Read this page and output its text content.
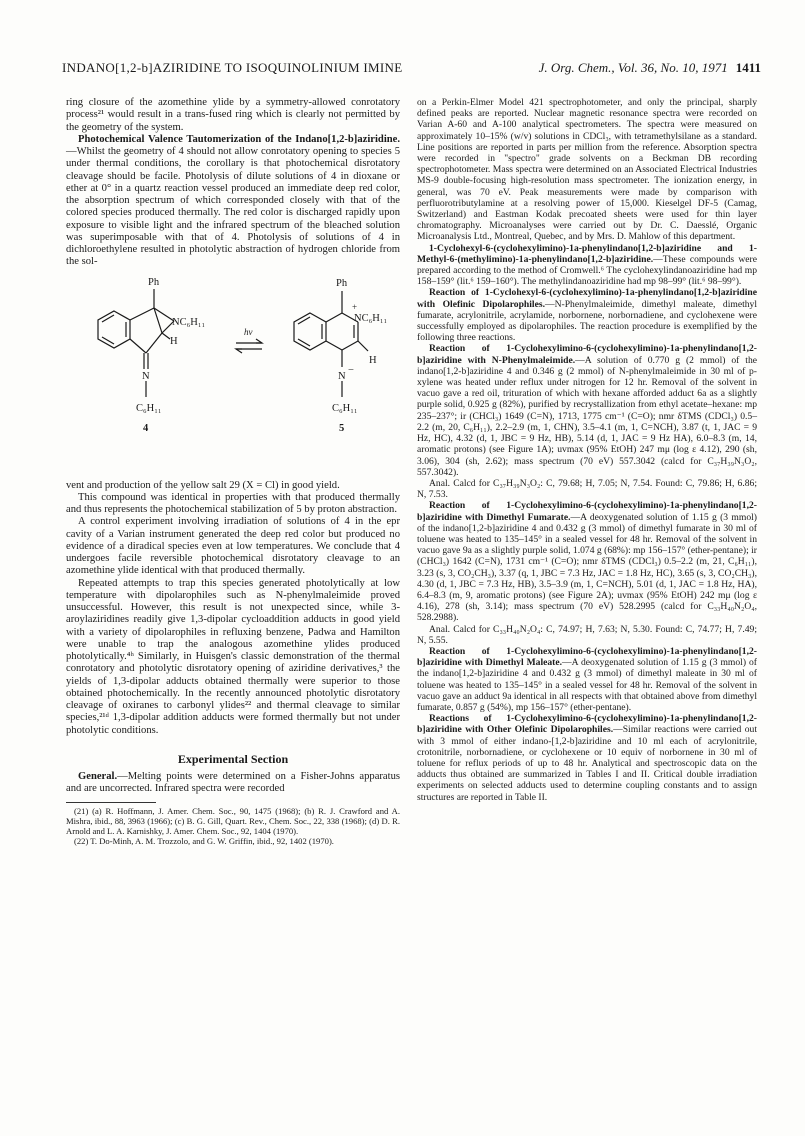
INDANO[1,2-b]AZIRIDINE TO ISOQUINOLINIUM IMINE	J. Org. Chem., Vol. 36, No. 10, 1971 1411

ring closure of the azomethine ylide by a symmetry-allowed conrotatory process²¹ would result in a trans-fused ring which is clearly not permitted by the geometry of the system.

Photochemical Valence Tautomerization of the Indano[1,2-b]aziridine.—Whilst the geometry of 4 should not allow conrotatory opening to species 5 under thermal conditions, the corollary is that photochemical disrotatory cleavage should be facile. Photolysis of dilute solutions of 4 in dioxane or ether at 0° in a quartz reaction vessel produced an immediate deep red color, the absorption spectrum of which corresponded closely with that of the colored species produced thermally. The red color is discharged rapidly upon exposure to visible light and the infrared spectrum of the bleached solution was superimposable with that of 4. Photolysis of solutions of 4 in dichloroethylene resulted in photolytic abstraction of hydrogen chloride from the sol-

Ph
NC₆H₁₁
H
N
C₆H₁₁
4
hν
Ph
NC₆H₁₁
+
H
N
−
C₆H₁₁
5

vent and production of the yellow salt 29 (X = Cl) in good yield.

This compound was identical in properties with that produced thermally and thus represents the photochemical stabilization of 5 by proton abstraction.

A control experiment involving irradiation of solutions of 4 in the epr cavity of a Varian instrument generated the deep red color but produced no evidence of a diradical species even at low temperatures. We conclude that 4 undergoes facile reversible photochemical disrotatory cleavage to an azomethine ylide identical with that produced thermally.

Repeated attempts to trap this species generated photolytically at low temperature with dipolarophiles such as N-phenylmaleimide proved unsuccessful. However, this result is not unexpected since, while 3-aroylaziridines readily give 1,3-dipolar cycloaddition adducts in good yield with a variety of dipolarophiles in refluxing benzene, Padwa and Hamilton were unable to trap the analogous azomethine ylides produced photolytically.⁴ʰ Similarly, in Huisgen's classic demonstration of the thermal conrotatory and photolytic disrotatory opening of aziridine derivatives,³ the yields of 1,3-dipolar adducts obtained thermally were superior to those obtained photochemically. In the recently announced photolytic disrotatory cleavage of oxiranes to carbonyl ylides²² and thermal cleavage to similar species,²¹ᵈ 1,3-dipolar addition adducts were formed thermally but not under photolytic conditions.

Experimental Section

General.—Melting points were determined on a Fisher-Johns apparatus and are uncorrected. Infrared spectra were recorded

(21) (a) R. Hoffmann, J. Amer. Chem. Soc., 90, 1475 (1968); (b) R. J. Crawford and A. Mishra, ibid., 88, 3963 (1966); (c) B. G. Gill, Quart. Rev., Chem. Soc., 22, 338 (1968); (d) D. R. Arnold and L. A. Karnishky, J. Amer. Chem. Soc., 92, 1404 (1970).

(22) T. Do-Minh, A. M. Trozzolo, and G. W. Griffin, ibid., 92, 1402 (1970).

on a Perkin-Elmer Model 421 spectrophotometer, and only the principal, sharply defined peaks are reported. Nuclear magnetic resonance spectra were recorded on Varian A-60 and A-100 analytical spectrometers. The spectra were measured on approximately 10–15% (w/v) solutions in CDCl₃, with tetramethylsilane as a standard. Line positions are reported in parts per million from the reference. Absorption spectra were recorded in "spectro" grade solvents on a Beckman DB recording spectrophotometer. Mass spectra were determined on an Associated Electrical Industries MS-9 double-focusing high-resolution mass spectrometer. The ionization energy, in general, was 70 eV. Peak measurements were made by comparison with perfluorotributylamine at a resolving power of 15,000. Kieselgel DF-5 (Camag, Switzerland) and Eastman Kodak precoated sheets were used for thin layer chromatography. Microanalyses were carried out by Dr. C. Daesslé, Organic Microanalysis Ltd., Montreal, Quebec, and by Mrs. D. Mahlow of this department.

1-Cyclohexyl-6-(cyclohexylimino)-1a-phenylindano[1,2-b]aziridine and 1-Methyl-6-(methylimino)-1a-phenylindano[1,2-b]aziridine.—These compounds were prepared according to the method of Cromwell.⁶ The cyclohexylindanoaziridine had mp 158–159° (lit.⁶ 159–160°). The methylindanoaziridine had mp 98–99° (lit.⁶ 98–99°).

Reaction of 1-Cyclohexyl-6-(cyclohexylimino)-1a-phenylindano[1,2-b]aziridine with Olefinic Dipolarophiles.—N-Phenylmaleimide, dimethyl maleate, dimethyl fumarate, acrylonitrile, acrylamide, norbornene, norbornadiene, and cyclohexene were successfully employed as dipolarophiles. The reaction procedure is exemplified by the following three reactions.

Reaction of 1-Cyclohexylimino-6-(cyclohexylimino)-1a-phenylindano[1,2-b]aziridine with N-Phenylmaleimide.—A solution of 0.770 g (2 mmol) of the indano[1,2-b]aziridine 4 and 0.346 g (2 mmol) of N-phenylmaleimide in 30 ml of p-xylene was heated under reflux under nitrogen for 12 hr. Removal of the solvent in vacuo gave a red oil, trituration of which with hexane afforded adduct 6a as a slightly purple solid, 0.925 g (82%), purified by recrystallization from ethyl acetate–hexane: mp 235–237°; ir (CHCl₃) 1649 (C=N), 1713, 1775 cm⁻¹ (C=O); nmr δTMS (CDCl₃) 0.5–2.2 (m, 20, C₆H₁₁), 2.2–2.9 (m, 1, CHN), 3.5–4.1 (m, 1, C=NCH), 3.87 (t, 1, JAC = 9 Hz, HC), 4.32 (d, 1, JBC = 9 Hz, HB), 5.14 (d, 1, JAC = 9 Hz HA), 6.0–8.3 (m, 14, aromatic protons) (see Figure 1A); uvmax (95% EtOH) 247 mμ (log ε 4.12), 290 (sh, 3.06), 304 (sh, 2.62); mass spectrum (70 eV) 557.3042 (calcd for C₃₇H₃₉N₃O₂, 557.3042).

Anal. Calcd for C₃₇H₃₉N₃O₂: C, 79.68; H, 7.05; N, 7.54. Found: C, 79.86; H, 6.86; N, 7.53.

Reaction of 1-Cyclohexylimino-6-(cyclohexylimino)-1a-phenylindano[1,2-b]aziridine with Dimethyl Fumarate.—A deoxygenated solution of 1.15 g (3 mmol) of the indano[1,2-b]aziridine 4 and 0.432 g (3 mmol) of dimethyl fumarate in 30 ml of toluene was heated to 135–145° in a sealed vessel for 48 hr. Removal of the solvent in vacuo gave 9a as a slightly purple solid, 1.074 g (68%): mp 156–157° (ether-pentane); ir (CHCl₃) 1642 (C=N), 1731 cm⁻¹ (C=O); nmr δTMS (CDCl₃) 0.5–2.2 (m, 21, C₆H₁₁), 3.23 (s, 3, CO₂CH₃), 3.37 (q, 1, JBC = 7.3 Hz, JAC = 1.8 Hz, HC), 3.65 (s, 3, CO₂CH₃), 4.30 (d, 1, JBC = 7.3 Hz, HB), 3.5–3.9 (m, 1, C=NCH), 5.01 (d, 1, JAC = 1.8 Hz, HA), 6.4–8.3 (m, 9, aromatic protons) (see Figure 2A); uvmax (95% EtOH) 242 mμ (log ε 4.16), 278 (sh, 3.14); mass spectrum (70 eV) 528.2995 (calcd for C₃₃H₄₀N₂O₄, 528.2988).

Anal. Calcd for C₃₃H₄₀N₂O₄: C, 74.97; H, 7.63; N, 5.30. Found: C, 74.77; H, 7.49; N, 5.55.

Reaction of 1-Cyclohexylimino-6-(cyclohexylimino)-1a-phenylindano[1,2-b]aziridine with Dimethyl Maleate.—A deoxygenated solution of 1.15 g (3 mmol) of the indano[1,2-b]aziridine 4 and 0.432 g (3 mmol) of dimethyl maleate in 30 ml of toluene was heated to 135–145° in a sealed vessel for 48 hr. Removal of the solvent in vacuo gave an adduct 9a identical in all respects with that obtained above from dimethyl fumarate, 0.857 g (54%), mp 156–157° (ether-pentane).

Reactions of 1-Cyclohexylimino-6-(cyclohexylimino)-1a-phenylindano[1,2-b]aziridine with Other Olefinic Dipolarophiles.—Similar reactions were carried out with 3 mmol of either indano-[1,2-b]aziridine and 10 ml each of acrylonitrile, crotonitrile, norbornadiene, or cyclohexene or 10 equiv of norbornene in 30 ml of toluene for reflux periods of up to 48 hr. Analytical and spectroscopic data on the adducts thus obtained are summarized in Tables I and II. Critical double irradiation experiments on selected adducts used to determine coupling constants and to assign structures are reported in Table II.
